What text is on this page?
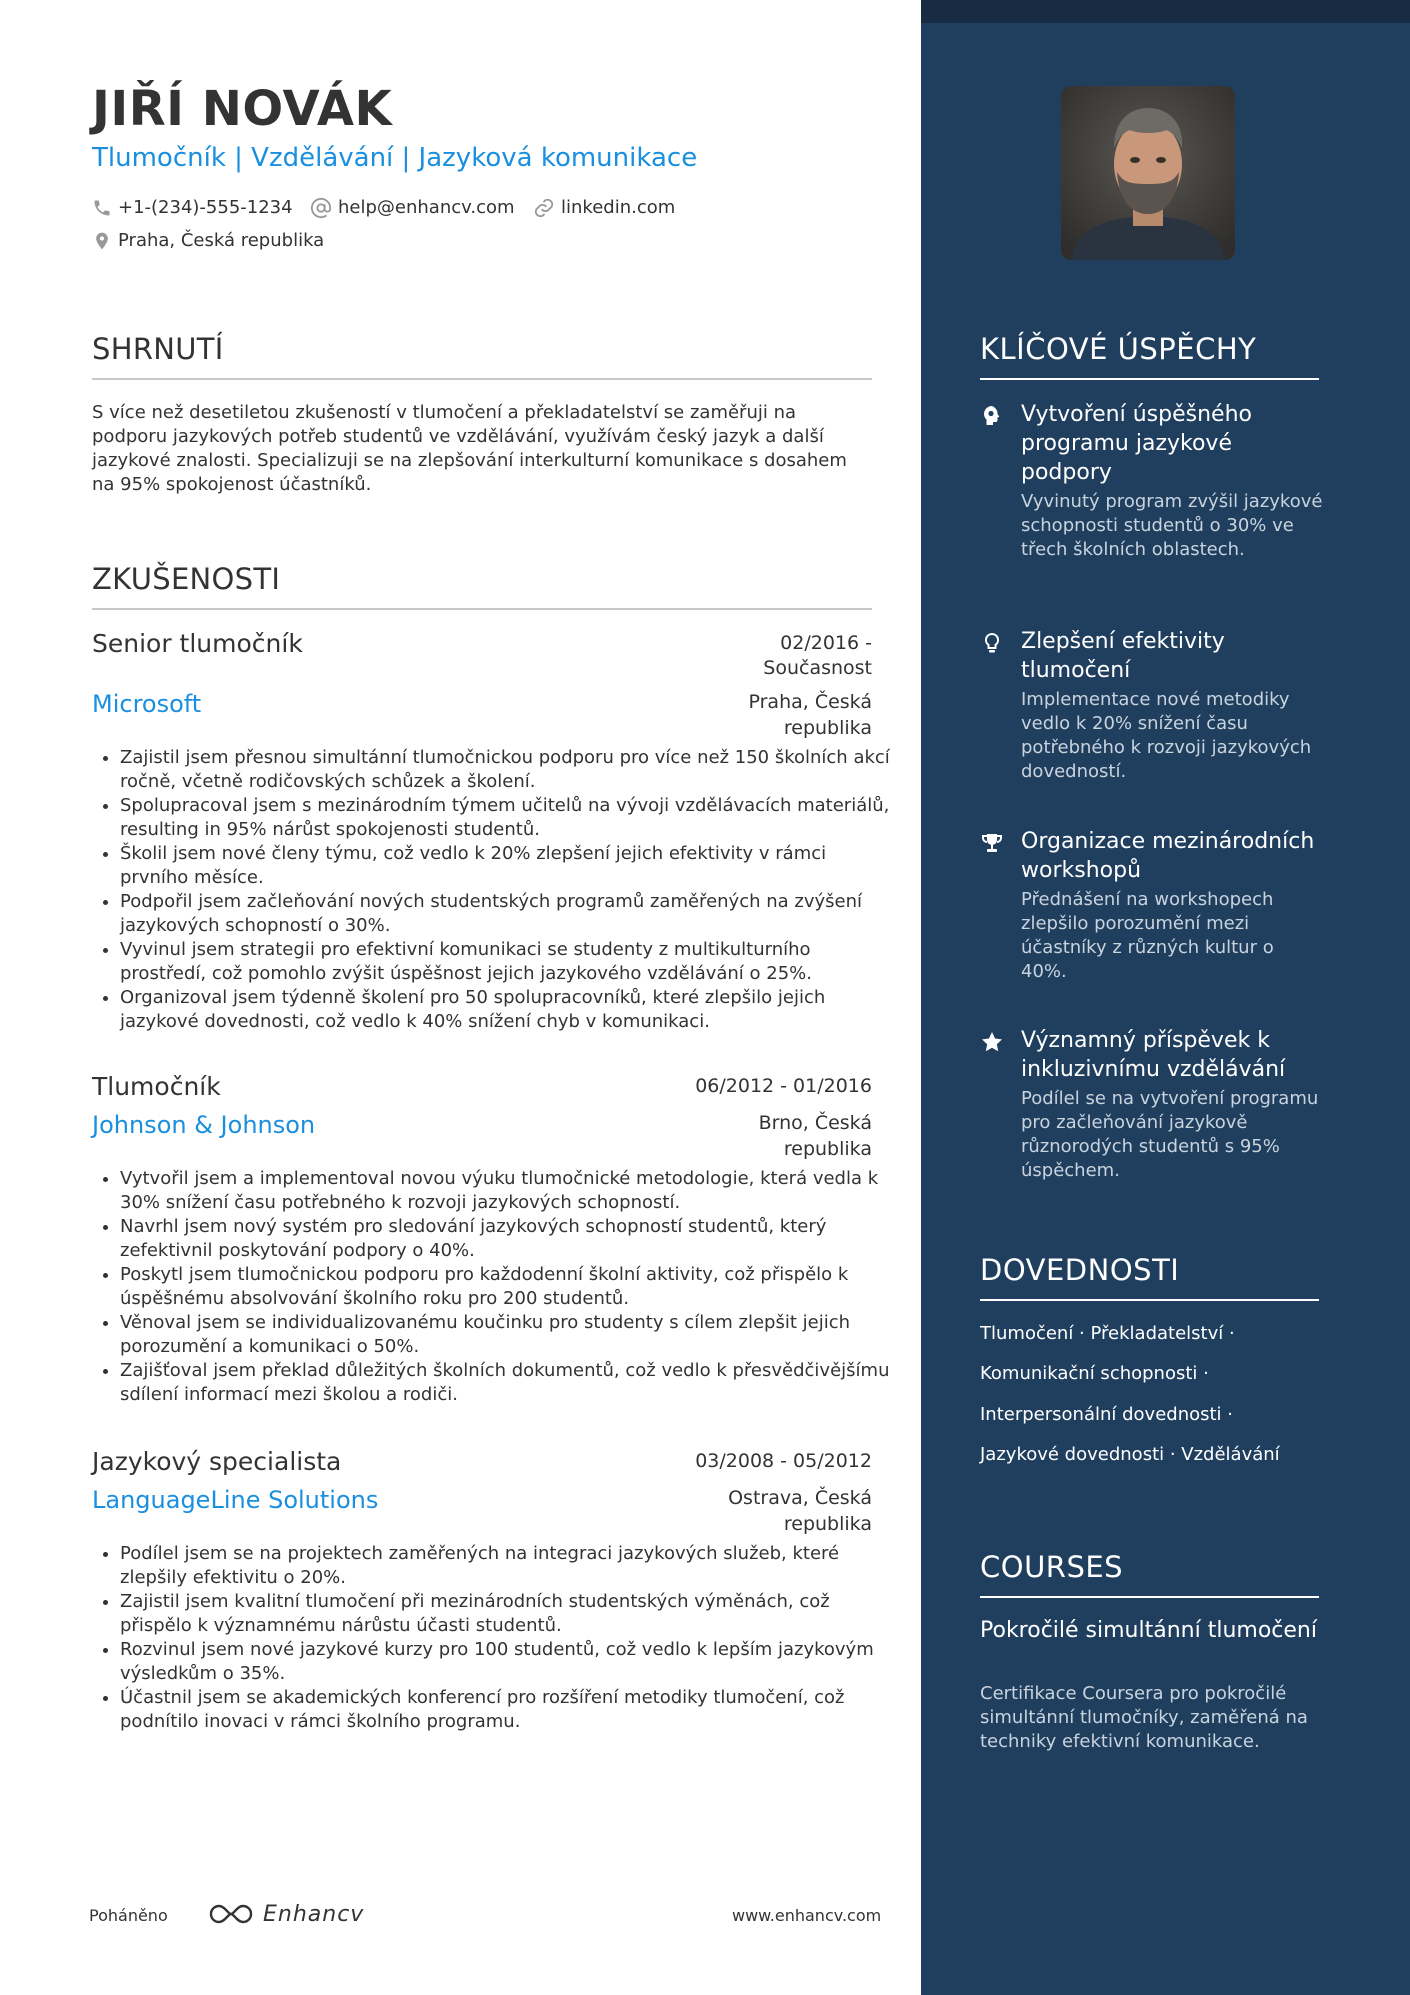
JIŘÍ NOVÁK
Tlumočník | Vzdělávání | Jazyková komunikace
+1-(234)-555-1234	help@enhancv.com	linkedin.com
Praha, Česká republika
SHRNUTÍ
S více než desetiletou zkušeností v tlumočení a překladatelství se zaměřuji na podporu jazykových potřeb studentů ve vzdělávání, využívám český jazyk a další jazykové znalosti. Specializuji se na zlepšování interkulturní komunikace s dosahem na 95% spokojenost účastníků.
ZKUŠENOSTI
Senior tlumočník	02/2016 - Současnost
Microsoft	Praha, Česká republika
• Zajistil jsem přesnou simultánní tlumočnickou podporu pro více než 150 školních akcí ročně, včetně rodičovských schůzek a školení.
• Spolupracoval jsem s mezinárodním týmem učitelů na vývoji vzdělávacích materiálů, resulting in 95% nárůst spokojenosti studentů.
• Školil jsem nové členy týmu, což vedlo k 20% zlepšení jejich efektivity v rámci prvního měsíce.
• Podpořil jsem začleňování nových studentských programů zaměřených na zvýšení jazykových schopností o 30%.
• Vyvinul jsem strategii pro efektivní komunikaci se studenty z multikulturního prostředí, což pomohlo zvýšit úspěšnost jejich jazykového vzdělávání o 25%.
• Organizoval jsem týdenně školení pro 50 spolupracovníků, které zlepšilo jejich jazykové dovednosti, což vedlo k 40% snížení chyb v komunikaci.
Tlumočník	06/2012 - 01/2016
Johnson & Johnson	Brno, Česká republika
• Vytvořil jsem a implementoval novou výuku tlumočnické metodologie, která vedla k 30% snížení času potřebného k rozvoji jazykových schopností.
• Navrhl jsem nový systém pro sledování jazykových schopností studentů, který zefektivnil poskytování podpory o 40%.
• Poskytl jsem tlumočnickou podporu pro každodenní školní aktivity, což přispělo k úspěšnému absolvování školního roku pro 200 studentů.
• Věnoval jsem se individualizovanému koučinku pro studenty s cílem zlepšit jejich porozumění a komunikaci o 50%.
• Zajišťoval jsem překlad důležitých školních dokumentů, což vedlo k přesvědčivějšímu sdílení informací mezi školou a rodiči.
Jazykový specialista	03/2008 - 05/2012
LanguageLine Solutions	Ostrava, Česká republika
• Podílel jsem se na projektech zaměřených na integraci jazykových služeb, které zlepšily efektivitu o 20%.
• Zajistil jsem kvalitní tlumočení při mezinárodních studentských výměnách, což přispělo k významnému nárůstu účasti studentů.
• Rozvinul jsem nové jazykové kurzy pro 100 studentů, což vedlo k lepším jazykovým výsledkům o 35%.
• Účastnil jsem se akademických konferencí pro rozšíření metodiky tlumočení, což podnítilo inovaci v rámci školního programu.
Poháněno	Enhancv	www.enhancv.com
KLÍČOVÉ ÚSPĚCHY
Vytvoření úspěšného programu jazykové podpory
Vyvinutý program zvýšil jazykové schopnosti studentů o 30% ve třech školních oblastech.
Zlepšení efektivity tlumočení
Implementace nové metodiky vedlo k 20% snížení času potřebného k rozvoji jazykových dovedností.
Organizace mezinárodních workshopů
Přednášení na workshopech zlepšilo porozumění mezi účastníky z různých kultur o 40%.
Významný příspěvek k inkluzivnímu vzdělávání
Podílel se na vytvoření programu pro začleňování jazykově různorodých studentů s 95% úspěchem.
DOVEDNOSTI
Tlumočení · Překladatelství ·
Komunikační schopnosti ·
Interpersonální dovednosti ·
Jazykové dovednosti · Vzdělávání
COURSES
Pokročilé simultánní tlumočení
Certifikace Coursera pro pokročilé simultánní tlumočníky, zaměřená na techniky efektivní komunikace.
